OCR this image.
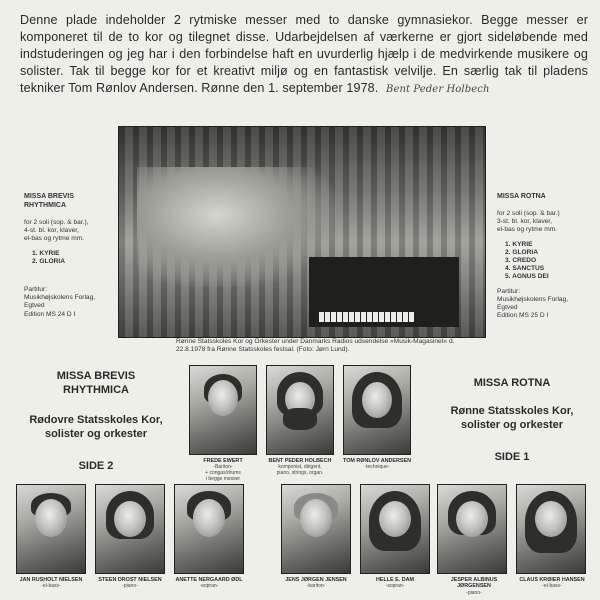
Denne plade indeholder 2 rytmiske messer med to danske gymnasiekor. Begge messer er komponeret til de to kor og tilegnet disse. Udarbejdelsen af værkerne er gjort sideløbende med indstuderingen og jeg har i den forbindelse haft en uvurderlig hjælp i de medvirkende musikere og solister. Tak til begge kor for et kreativt miljø og en fantastisk velvilje. En særlig tak til pladens tekniker Tom Rønlov Andersen. Rønne den 1. september 1978. Bent Peder Holbech
Rønne Statsskoles Kor og Orkester under Danmarks Radios udsendelse »Musik-Magasinet« d. 22.8.1978 fra Rønne Statsskoles festsal. (Foto: Jørn Lund).
MISSA BREVIS
RHYTHMICA
for 2 soli (sop. & bar.),
4-st. bl. kor, klaver,
el-bas og rytme mm.
1. KYRIE
2. GLORIA
Partitur:
Musikhøjskolens Forlag,
Egtved
Edition MS 24 D I
MISSA ROTNA
for 2 soli (sop. & bar.)
3-st. bl. kor, klaver,
el-bas og rytme mm.
1. KYRIE
2. GLORIA
3. CREDO
4. SANCTUS
5. AGNUS DEI
Partitur:
Musikhøjskolens Forlag,
Egtved
Edition MS 25 D I
MISSA BREVIS
RHYTHMICA
Rødovre Statsskoles Kor,
solister og orkester
SIDE 2
MISSA ROTNA
Rønne Statsskoles Kor,
solister og orkester
SIDE 1
FREDE EWERT
-Bariton-
+ congas/drums
i begge messer
BENT PEDER HOLBECH
komponist, dirigent,
piano, strings, organ.
TOM RØNLOV ANDERSEN
-technique-
JAN RUSHOLT NIELSEN
-el-bass-
STEEN DROST NIELSEN
-piano-
ANETTE NERGAARD ØDL
-sopran-
JENS JØRGEN JENSEN
-bariton-
HELLE E. DAM
-sopran-
JESPER ALBINUS JØRGENSEN
-piano-
CLAUS KRØIER HANSEN
-el-bass-
